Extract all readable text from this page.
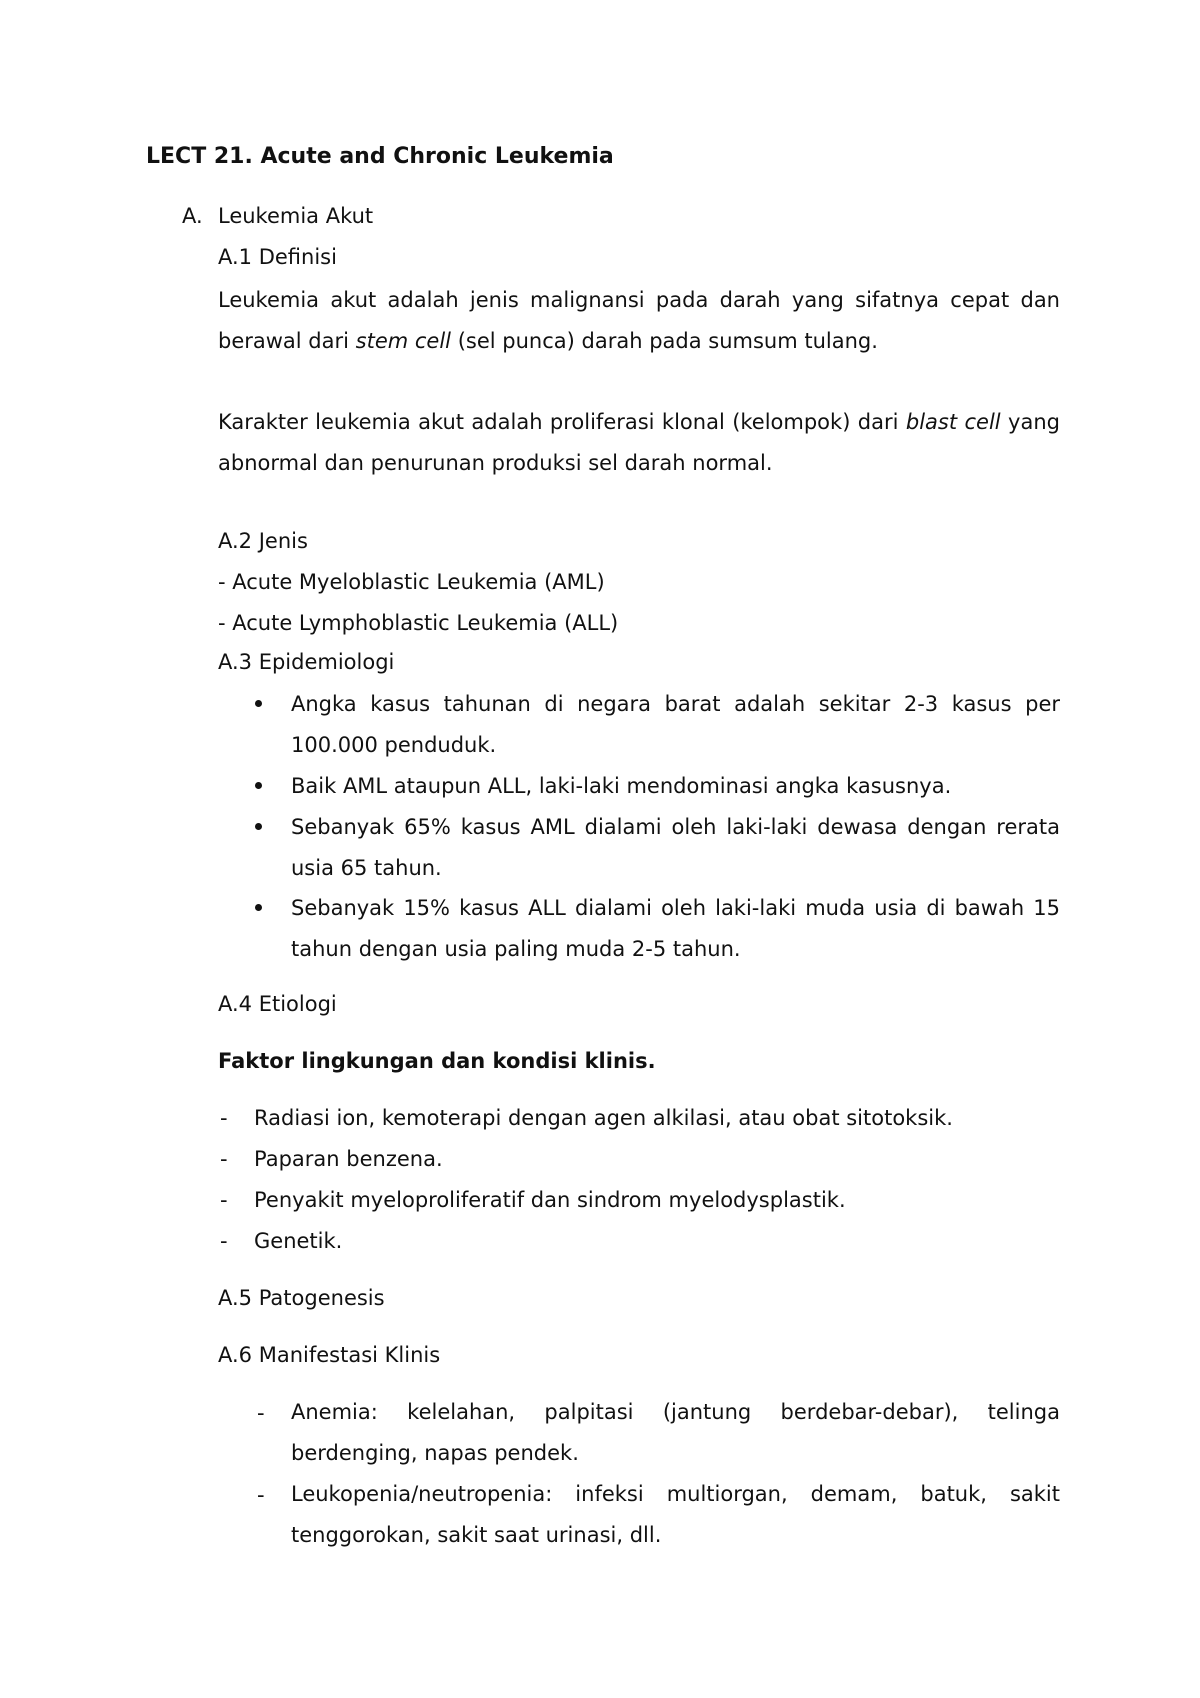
LECT 21. Acute and Chronic Leukemia
A. Leukemia Akut
A.1 Definisi
Leukemia akut adalah jenis malignansi pada darah yang sifatnya cepat dan berawal dari stem cell (sel punca) darah pada sumsum tulang.
Karakter leukemia akut adalah proliferasi klonal (kelompok) dari blast cell yang abnormal dan penurunan produksi sel darah normal.
A.2 Jenis
- Acute Myeloblastic Leukemia (AML)
- Acute Lymphoblastic Leukemia (ALL)
A.3 Epidemiologi
Angka kasus tahunan di negara barat adalah sekitar 2-3 kasus per 100.000 penduduk.
Baik AML ataupun ALL, laki-laki mendominasi angka kasusnya.
Sebanyak 65% kasus AML dialami oleh laki-laki dewasa dengan rerata usia 65 tahun.
Sebanyak 15% kasus ALL dialami oleh laki-laki muda usia di bawah 15 tahun dengan usia paling muda 2-5 tahun.
A.4 Etiologi
Faktor lingkungan dan kondisi klinis.
- Radiasi ion, kemoterapi dengan agen alkilasi, atau obat sitotoksik.
- Paparan benzena.
- Penyakit myeloproliferatif dan sindrom myelodysplastik.
- Genetik.
A.5 Patogenesis
A.6 Manifestasi Klinis
- Anemia: kelelahan, palpitasi (jantung berdebar-debar), telinga berdenging, napas pendek.
- Leukopenia/neutropenia: infeksi multiorgan, demam, batuk, sakit tenggorokan, sakit saat urinasi, dll.
